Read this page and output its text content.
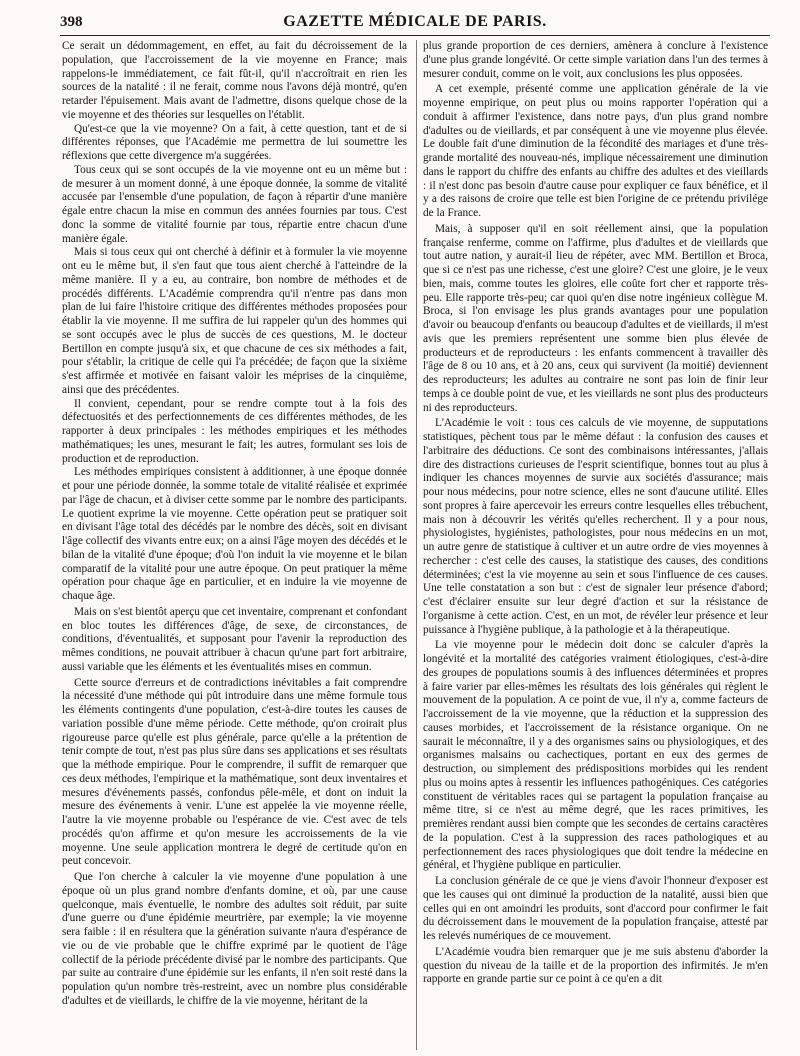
398	GAZETTE MÉDICALE DE PARIS.

Ce serait un dédommagement, en effet, au fait du décroissement de la population, que l'accroissement de la vie moyenne en France; mais rappelons-le immédiatement, ce fait fût-il, qu'il n'accroîtrait en rien les sources de la natalité : il ne ferait, comme nous l'avons déjà montré, qu'en retarder l'épuisement. Mais avant de l'admettre, disons quelque chose de la vie moyenne et des théories sur lesquelles on l'établit.

Qu'est-ce que la vie moyenne? On a fait, à cette question, tant et de si différentes réponses, que l'Académie me permettra de lui soumettre les réflexions que cette divergence m'a suggérées.

Tous ceux qui se sont occupés de la vie moyenne ont eu un même but : de mesurer à un moment donné, à une époque donnée, la somme de vitalité accusée par l'ensemble d'une population, de façon à répartir d'une manière égale entre chacun la mise en commun des années fournies par tous. C'est donc la somme de vitalité fournie par tous, répartie entre chacun d'une manière égale.

Mais si tous ceux qui ont cherché à définir et à formuler la vie moyenne ont eu le même but, il s'en faut que tous aient cherché à l'atteindre de la même manière. Il y a eu, au contraire, bon nombre de méthodes et de procédés différents. L'Académie comprendra qu'il n'entre pas dans mon plan de lui faire l'histoire critique des différentes méthodes proposées pour établir la vie moyenne. Il me suffira de lui rappeler qu'un des hommes qui se sont occupés avec le plus de succès de ces questions, M. le docteur Bertillon en compte jusqu'à six, et que chacune de ces six méthodes a fait, pour s'établir, la critique de celle qui l'a précédée; de façon que la sixième s'est affirmée et motivée en faisant valoir les méprises de la cinquième, ainsi que des précédentes.

Il convient, cependant, pour se rendre compte tout à la fois des défectuosités et des perfectionnements de ces différentes méthodes, de les rapporter à deux principales : les méthodes empiriques et les méthodes mathématiques; les unes, mesurant le fait; les autres, formulant ses lois de production et de reproduction.

Les méthodes empiriques consistent à additionner, à une époque donnée et pour une période donnée, la somme totale de vitalité réalisée et exprimée par l'âge de chacun, et à diviser cette somme par le nombre des participants. Le quotient exprime la vie moyenne. Cette opération peut se pratiquer soit en divisant l'âge total des décédés par le nombre des décès, soit en divisant l'âge collectif des vivants entre eux; on a ainsi l'âge moyen des décédés et le bilan de la vitalité d'une époque; d'où l'on induit la vie moyenne et le bilan comparatif de la vitalité pour une autre époque. On peut pratiquer la même opération pour chaque âge en particulier, et en induire la vie moyenne de chaque âge.

Mais on s'est bientôt aperçu que cet inventaire, comprenant et confondant en bloc toutes les différences d'âge, de sexe, de circonstances, de conditions, d'éventualités, et supposant pour l'avenir la reproduction des mêmes conditions, ne pouvait attribuer à chacun qu'une part fort arbitraire, aussi variable que les éléments et les éventualités mises en commun.

Cette source d'erreurs et de contradictions inévitables a fait comprendre la nécessité d'une méthode qui pût introduire dans une même formule tous les éléments contingents d'une population, c'est-à-dire toutes les causes de variation possible d'une même période. Cette méthode, qu'on croirait plus rigoureuse parce qu'elle est plus générale, parce qu'elle a la prétention de tenir compte de tout, n'est pas plus sûre dans ses applications et ses résultats que la méthode empirique. Pour le comprendre, il suffit de remarquer que ces deux méthodes, l'empirique et la mathématique, sont deux inventaires et mesures d'événements passés, confondus pêle-mêle, et dont on induit la mesure des événements à venir. L'une est appelée la vie moyenne réelle, l'autre la vie moyenne probable ou l'espérance de vie. C'est avec de tels procédés qu'on affirme et qu'on mesure les accroissements de la vie moyenne. Une seule application montrera le degré de certitude qu'on en peut concevoir.

Que l'on cherche à calculer la vie moyenne d'une population à une époque où un plus grand nombre d'enfants domine, et où, par une cause quelconque, mais éventuelle, le nombre des adultes soit réduit, par suite d'une guerre ou d'une épidémie meurtrière, par exemple; la vie moyenne sera faible : il en résultera que la génération suivante n'aura d'espérance de vie ou de vie probable que le chiffre exprimé par le quotient de l'âge collectif de la période précédente divisé par le nombre des participants. Que par suite au contraire d'une épidémie sur les enfants, il n'en soit resté dans la population qu'un nombre très-restreint, avec un nombre plus considérable d'adultes et de vieillards, le chiffre de la vie moyenne, héritant de la

plus grande proportion de ces derniers, amènera à conclure à l'existence d'une plus grande longévité. Or cette simple variation dans l'un des termes à mesurer conduit, comme on le voit, aux conclusions les plus opposées.

A cet exemple, présenté comme une application générale de la vie moyenne empirique, on peut plus ou moins rapporter l'opération qui a conduit à affirmer l'existence, dans notre pays, d'un plus grand nombre d'adultes ou de vieillards, et par conséquent à une vie moyenne plus élevée. Le double fait d'une diminution de la fécondité des mariages et d'une très-grande mortalité des nouveau-nés, implique nécessairement une diminution dans le rapport du chiffre des enfants au chiffre des adultes et des vieillards : il n'est donc pas besoin d'autre cause pour expliquer ce faux bénéfice, et il y a des raisons de croire que telle est bien l'origine de ce prétendu privilége de la France.

Mais, à supposer qu'il en soit réellement ainsi, que la population française renferme, comme on l'affirme, plus d'adultes et de vieillards que tout autre nation, y aurait-il lieu de répéter, avec MM. Bertillon et Broca, que si ce n'est pas une richesse, c'est une gloire? C'est une gloire, je le veux bien, mais, comme toutes les gloires, elle coûte fort cher et rapporte très-peu. Elle rapporte très-peu; car quoi qu'en dise notre ingénieux collègue M. Broca, si l'on envisage les plus grands avantages pour une population d'avoir ou beaucoup d'enfants ou beaucoup d'adultes et de vieillards, il m'est avis que les premiers représentent une somme bien plus élevée de producteurs et de reproducteurs : les enfants commencent à travailler dès l'âge de 8 ou 10 ans, et à 20 ans, ceux qui survivent (la moitié) deviennent des reproducteurs; les adultes au contraire ne sont pas loin de finir leur temps à ce double point de vue, et les vieillards ne sont plus des producteurs ni des reproducteurs.

L'Académie le voit : tous ces calculs de vie moyenne, de supputations statistiques, pèchent tous par le même défaut : la confusion des causes et l'arbitraire des déductions. Ce sont des combinaisons intéressantes, j'allais dire des distractions curieuses de l'esprit scientifique, bonnes tout au plus à indiquer les chances moyennes de survie aux sociétés d'assurance; mais pour nous médecins, pour notre science, elles ne sont d'aucune utilité. Elles sont propres à faire apercevoir les erreurs contre lesquelles elles trébuchent, mais non à découvrir les vérités qu'elles recherchent. Il y a pour nous, physiologistes, hygiénistes, pathologistes, pour nous médecins en un mot, un autre genre de statistique à cultiver et un autre ordre de vies moyennes à rechercher : c'est celle des causes, la statistique des causes, des conditions déterminées; c'est la vie moyenne au sein et sous l'influence de ces causes. Une telle constatation a son but : c'est de signaler leur présence d'abord; c'est d'éclairer ensuite sur leur degré d'action et sur la résistance de l'organisme à cette action. C'est, en un mot, de révéler leur présence et leur puissance à l'hygiène publique, à la pathologie et à la thérapeutique.

La vie moyenne pour le médecin doit donc se calculer d'après la longévité et la mortalité des catégories vraiment étiologiques, c'est-à-dire des groupes de populations soumis à des influences déterminées et propres à faire varier par elles-mêmes les résultats des lois générales qui règlent le mouvement de la population. A ce point de vue, il n'y a, comme facteurs de l'accroissement de la vie moyenne, que la réduction et la suppression des causes morbides, et l'accroissement de la résistance organique. On ne saurait le méconnaître, il y a des organismes sains ou physiologiques, et des organismes malsains ou cachectiques, portant en eux des germes de destruction, ou simplement des prédispositions morbides qui les rendent plus ou moins aptes à ressentir les influences pathogéniques. Ces catégories constituent de véritables races qui se partagent la population française au même titre, si ce n'est au même degré, que les races primitives, les premières rendant aussi bien compte que les secondes de certains caractères de la population. C'est à la suppression des races pathologiques et au perfectionnement des races physiologiques que doit tendre la médecine en général, et l'hygiène publique en particulier.

La conclusion générale de ce que je viens d'avoir l'honneur d'exposer est que les causes qui ont diminué la production de la natalité, aussi bien que celles qui en ont amoindri les produits, sont d'accord pour confirmer le fait du décroissement dans le mouvement de la population française, attesté par les relevés numériques de ce mouvement.

L'Académie voudra bien remarquer que je me suis abstenu d'aborder la question du niveau de la taille et de la proportion des infirmités. Je m'en rapporte en grande partie sur ce point à ce qu'en a dit
